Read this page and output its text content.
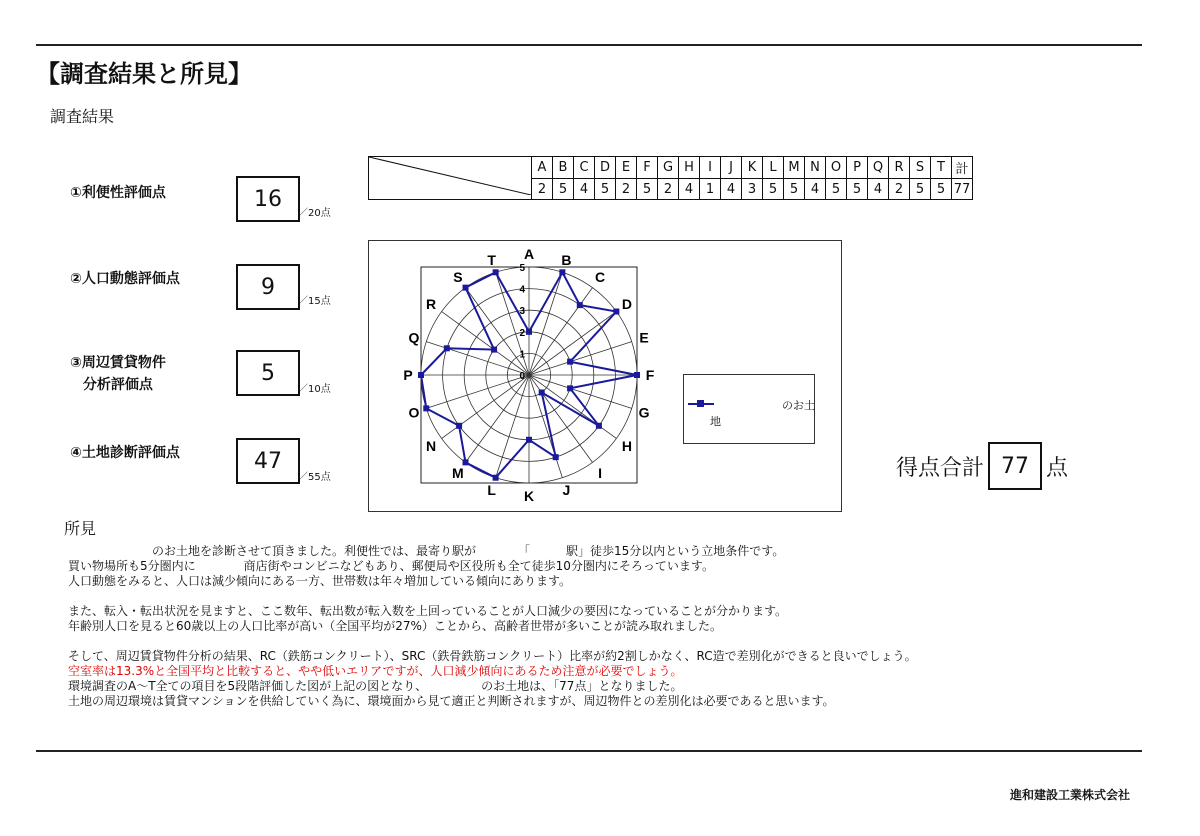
【調査結果と所見】
調査結果
①利便性評価点	16
／20点
②人口動態評価点	9
／15点
③周辺賃貸物件
分析評価点	5
／10点
④土地診断評価点	47
／55点
	A	B	C	D	E	F	G	H	I	J	K	L	M	N	O	P	Q	R	S	T	計
	2	5	4	5	2	5	2	4	1	4	3	5	5	4	5	5	4	2	5	5	77
0
1
2
3
4
5
A B
C
D
E
F
G
H
I
J
K
L
M
N
O
P
Q
R
S
T
のお土
地
得点合計 77 点
所見
　　　　　　　のお土地を診断させて頂きました。利便性では、最寄り駅が　　　　「　　　駅」徒歩15分以内という立地条件です。
買い物場所も5分圏内に　　　　商店街やコンビニなどもあり、郵便局や区役所も全て徒歩10分圏内にそろっています。
人口動態をみると、人口は減少傾向にある一方、世帯数は年々増加している傾向にあります。

また、転入・転出状況を見ますと、ここ数年、転出数が転入数を上回っていることが人口減少の要因になっていることが分かります。
年齢別人口を見ると60歳以上の人口比率が高い（全国平均が27%）ことから、高齢者世帯が多いことが読み取れました。

そして、周辺賃貸物件分析の結果、RC（鉄筋コンクリート）、SRC（鉄骨鉄筋コンクリート）比率が約2割しかなく、RC造で差別化ができると良いでしょう。
空室率は13.3%と全国平均と比較すると、やや低いエリアですが、人口減少傾向にあるため注意が必要でしょう。
環境調査のA～T全ての項目を5段階評価した図が上記の図となり、　　　　　のお土地は、「77点」となりました。
土地の周辺環境は賃貸マンションを供給していく為に、環境面から見て適正と判断されますが、周辺物件との差別化は必要であると思います。
進和建設工業株式会社
